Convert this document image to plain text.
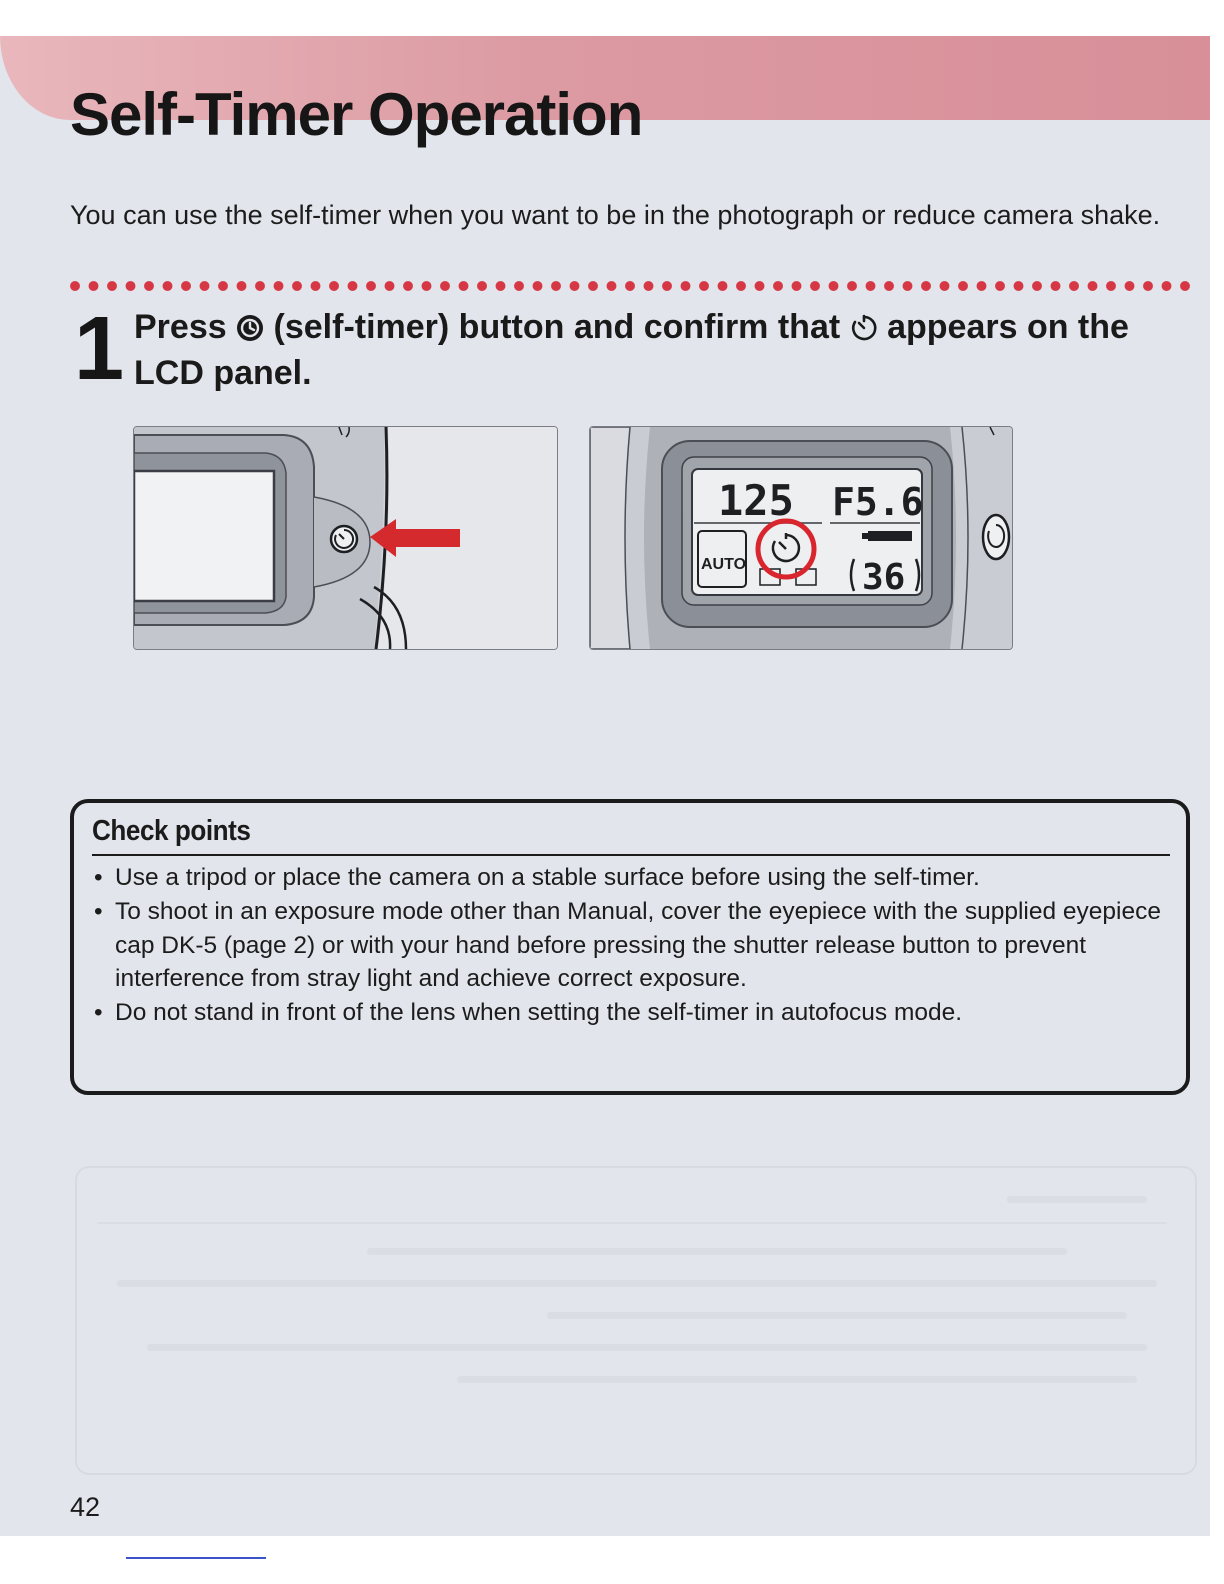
Self-Timer Operation

You can use the self-timer when you want to be in the photograph or reduce camera shake.

1 Press  (self-timer) button and confirm that  appears on the LCD panel.

125 F5.6
AUTO	36
Check points
• Use a tripod or place the camera on a stable surface before using the self-timer.
• To shoot in an exposure mode other than Manual, cover the eyepiece with the supplied eyepiece cap DK-5 (page 2) or with your hand before pressing the shutter release button to prevent interference from stray light and achieve correct exposure.
• Do not stand in front of the lens when setting the self-timer in autofocus mode.

42
